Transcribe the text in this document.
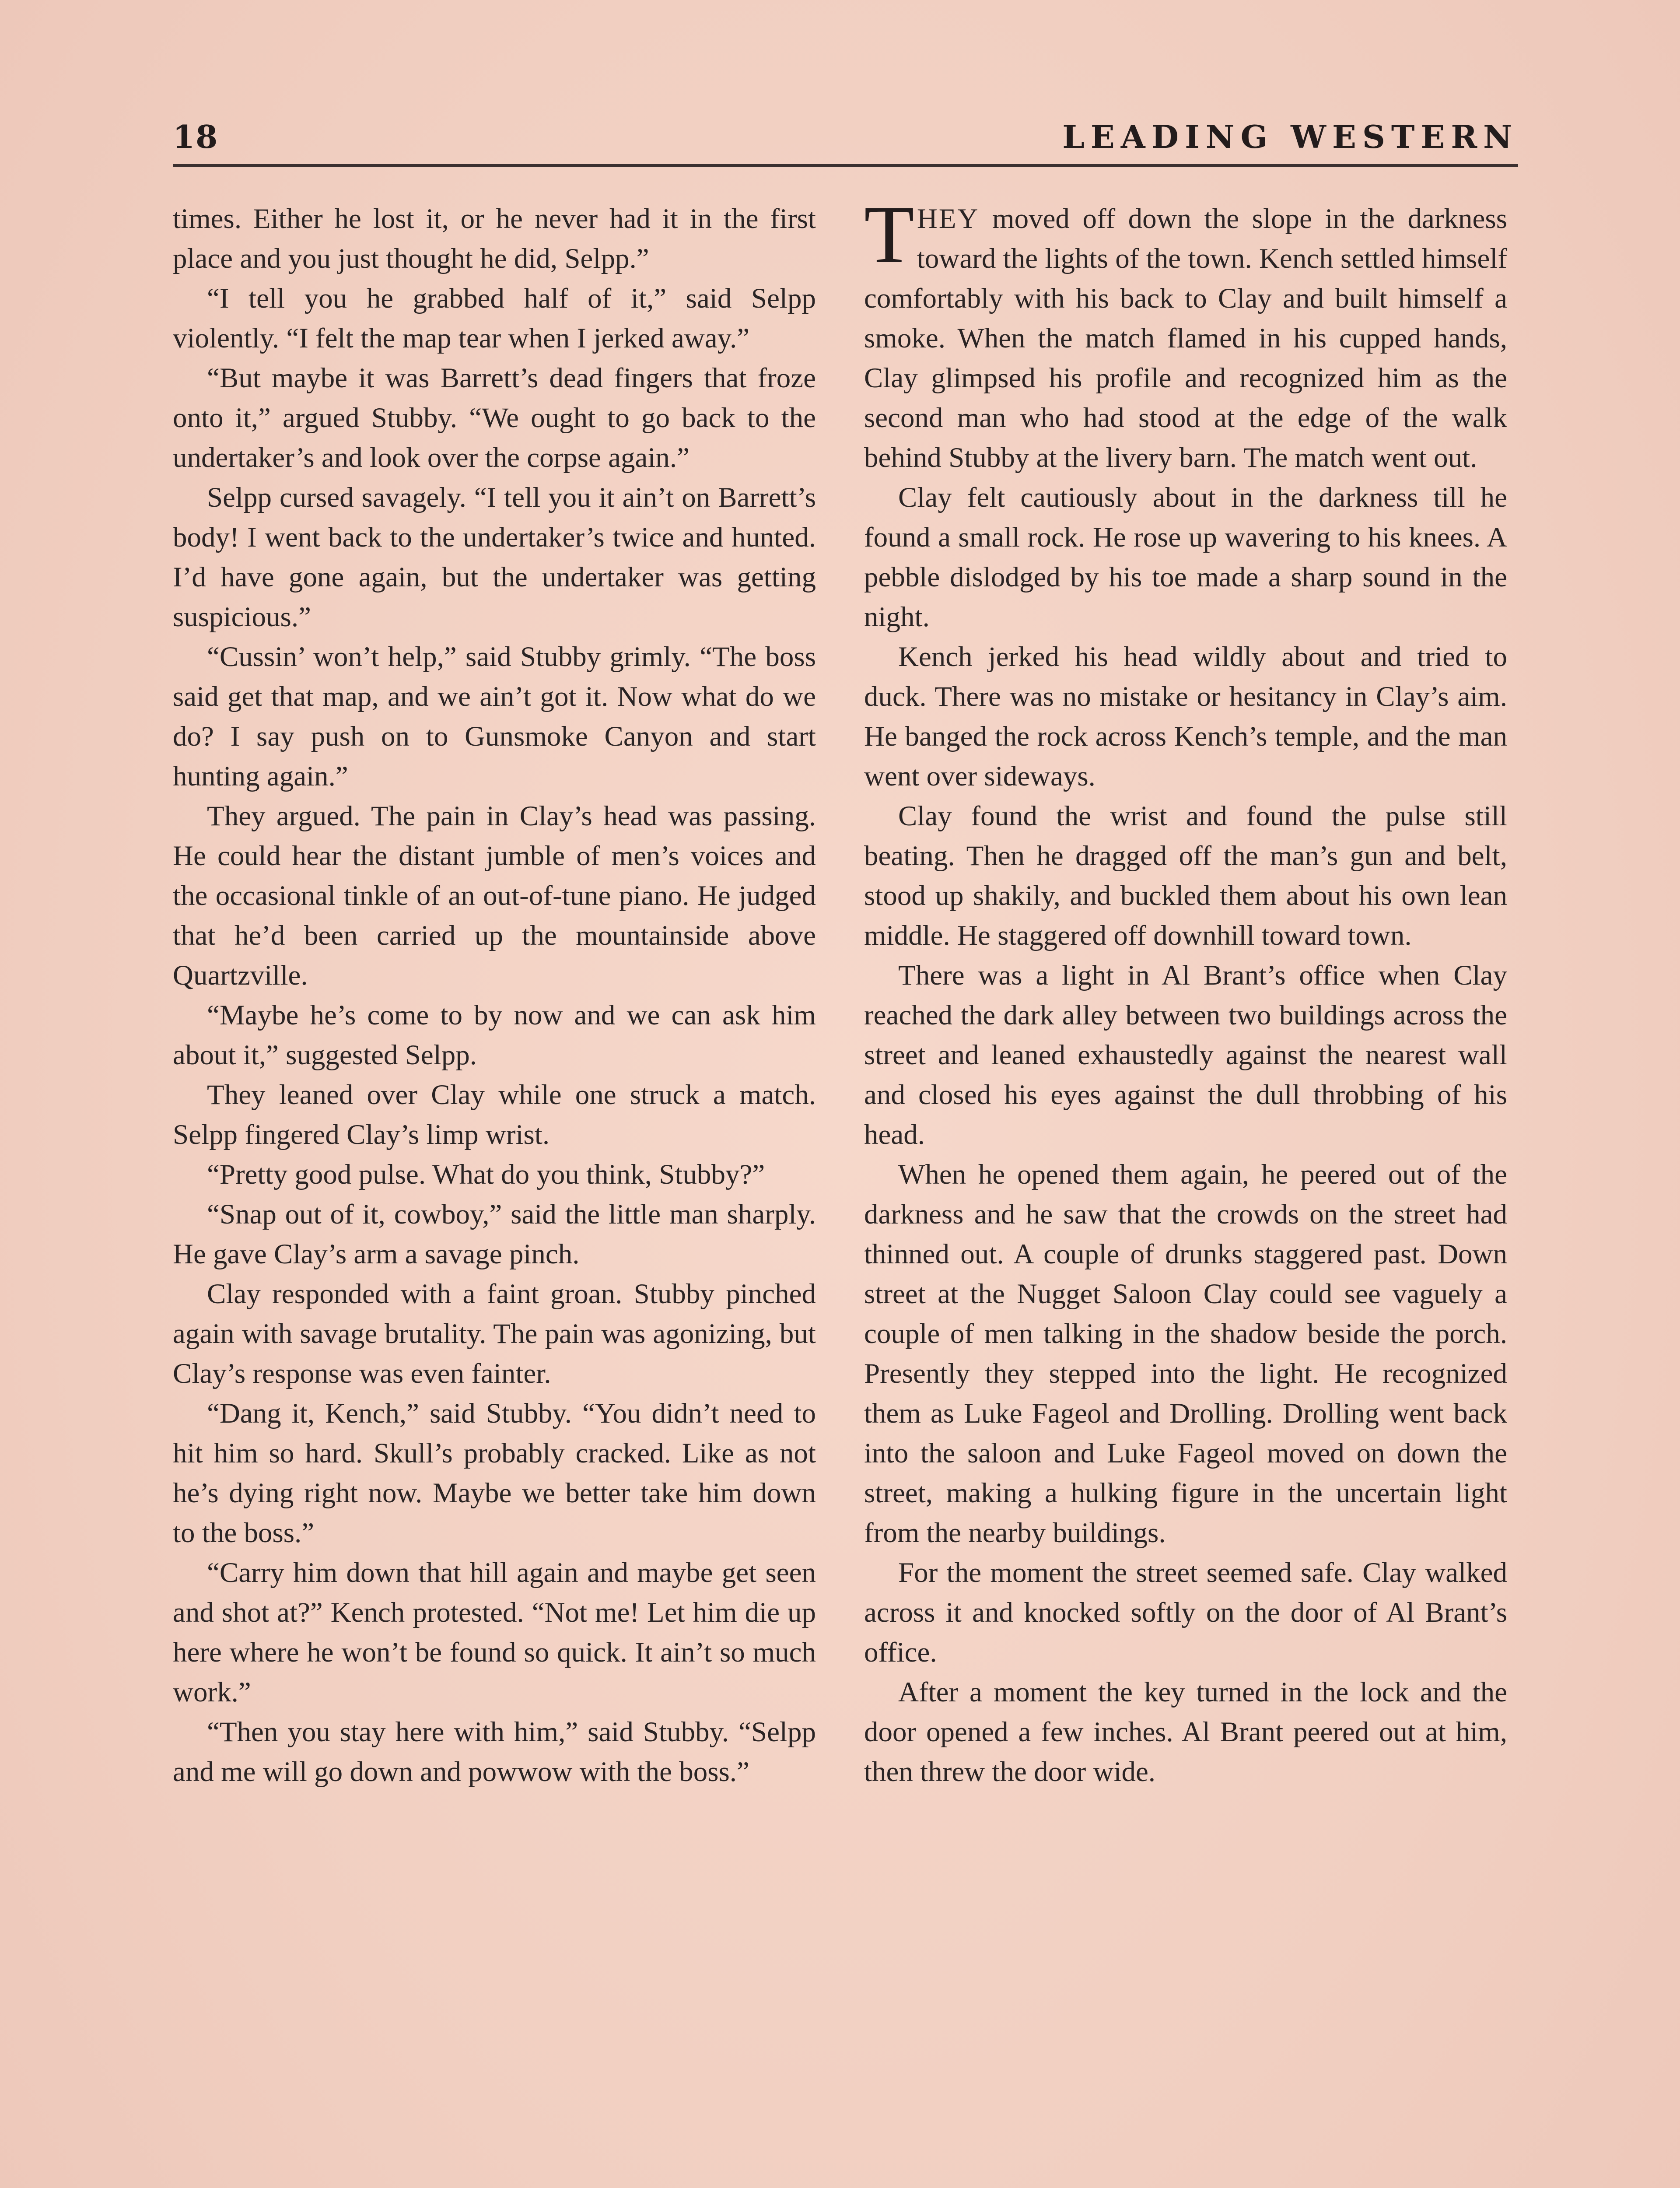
18	LEADING WESTERN

times. Either he lost it, or he never had it in the first place and you just thought he did, Selpp.”

“I tell you he grabbed half of it,” said Selpp violently. “I felt the map tear when I jerked away.”

“But maybe it was Barrett’s dead fingers that froze onto it,” argued Stubby. “We ought to go back to the undertaker’s and look over the corpse again.”

Selpp cursed savagely. “I tell you it ain’t on Barrett’s body! I went back to the undertaker’s twice and hunted. I’d have gone again, but the undertaker was getting suspicious.”

“Cussin’ won’t help,” said Stubby grimly. “The boss said get that map, and we ain’t got it. Now what do we do? I say push on to Gunsmoke Canyon and start hunting again.”

They argued. The pain in Clay’s head was passing. He could hear the distant jumble of men’s voices and the occasional tinkle of an out-of-tune piano. He judged that he’d been carried up the mountainside above Quartzville.

“Maybe he’s come to by now and we can ask him about it,” suggested Selpp.

They leaned over Clay while one struck a match. Selpp fingered Clay’s limp wrist.

“Pretty good pulse. What do you think, Stubby?”

“Snap out of it, cowboy,” said the little man sharply. He gave Clay’s arm a savage pinch.

Clay responded with a faint groan. Stubby pinched again with savage brutality. The pain was agonizing, but Clay’s response was even fainter.

“Dang it, Kench,” said Stubby. “You didn’t need to hit him so hard. Skull’s probably cracked. Like as not he’s dying right now. Maybe we better take him down to the boss.”

“Carry him down that hill again and maybe get seen and shot at?” Kench protested. “Not me! Let him die up here where he won’t be found so quick. It ain’t so much work.”

“Then you stay here with him,” said Stubby. “Selpp and me will go down and powwow with the boss.”

THEY moved off down the slope in the darkness toward the lights of the town. Kench settled himself comfortably with his back to Clay and built himself a smoke. When the match flamed in his cupped hands, Clay glimpsed his profile and recognized him as the second man who had stood at the edge of the walk behind Stubby at the livery barn. The match went out.

Clay felt cautiously about in the darkness till he found a small rock. He rose up wavering to his knees. A pebble dislodged by his toe made a sharp sound in the night.

Kench jerked his head wildly about and tried to duck. There was no mistake or hesitancy in Clay’s aim. He banged the rock across Kench’s temple, and the man went over sideways.

Clay found the wrist and found the pulse still beating. Then he dragged off the man’s gun and belt, stood up shakily, and buckled them about his own lean middle. He staggered off downhill toward town.

There was a light in Al Brant’s office when Clay reached the dark alley between two buildings across the street and leaned exhaustedly against the nearest wall and closed his eyes against the dull throbbing of his head.

When he opened them again, he peered out of the darkness and he saw that the crowds on the street had thinned out. A couple of drunks staggered past. Down street at the Nugget Saloon Clay could see vaguely a couple of men talking in the shadow beside the porch. Presently they stepped into the light. He recognized them as Luke Fageol and Drolling. Drolling went back into the saloon and Luke Fageol moved on down the street, making a hulking figure in the uncertain light from the nearby buildings.

For the moment the street seemed safe. Clay walked across it and knocked softly on the door of Al Brant’s office.

After a moment the key turned in the lock and the door opened a few inches. Al Brant peered out at him, then threw the door wide.
